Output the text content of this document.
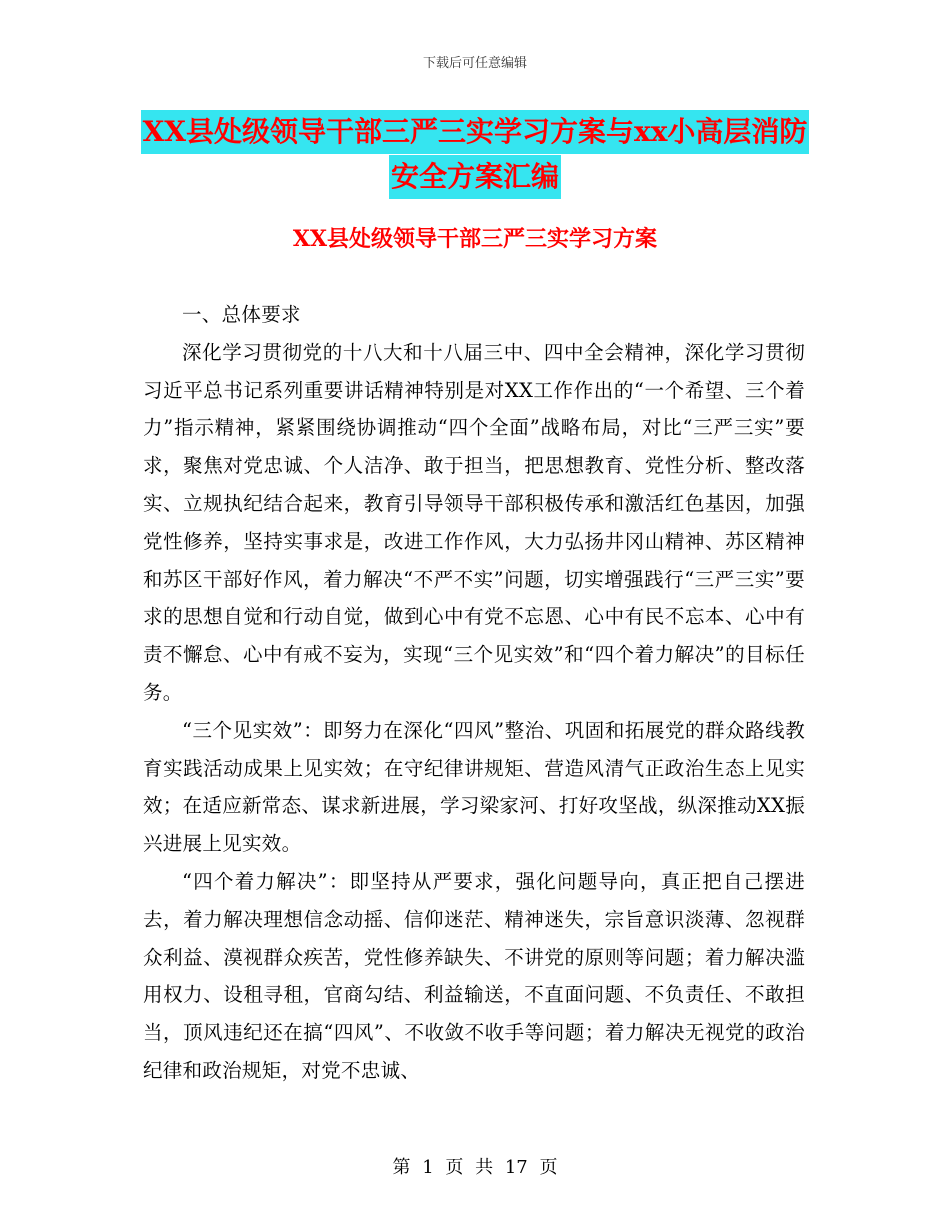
下载后可任意编辑
XX县处级领导干部三严三实学习方案与xx小高层消防
安全方案汇编
XX县处级领导干部三严三实学习方案

一、总体要求

深化学习贯彻党的十八大和十八届三中、四中全会精神，深化学习贯彻习近平总书记系列重要讲话精神特别是对XX工作作出的“一个希望、三个着力”指示精神，紧紧围绕协调推动“四个全面”战略布局，对比“三严三实”要求，聚焦对党忠诚、个人洁净、敢于担当，把思想教育、党性分析、整改落实、立规执纪结合起来，教育引导领导干部积极传承和激活红色基因，加强党性修养，坚持实事求是，改进工作作风，大力弘扬井冈山精神、苏区精神和苏区干部好作风，着力解决“不严不实”问题，切实增强践行“三严三实”要求的思想自觉和行动自觉，做到心中有党不忘恩、心中有民不忘本、心中有责不懈怠、心中有戒不妄为，实现“三个见实效”和“四个着力解决”的目标任务。

“三个见实效”：即努力在深化“四风”整治、巩固和拓展党的群众路线教育实践活动成果上见实效；在守纪律讲规矩、营造风清气正政治生态上见实效；在适应新常态、谋求新进展，学习梁家河、打好攻坚战，纵深推动XX振兴进展上见实效。

“四个着力解决”：即坚持从严要求，强化问题导向，真正把自己摆进去，着力解决理想信念动摇、信仰迷茫、精神迷失，宗旨意识淡薄、忽视群众利益、漠视群众疾苦，党性修养缺失、不讲党的原则等问题；着力解决滥用权力、设租寻租，官商勾结、利益输送，不直面问题、不负责任、不敢担当，顶风违纪还在搞“四风”、不收敛不收手等问题；着力解决无视党的政治纪律和政治规矩，对党不忠诚、

第 1 页 共 17 页
